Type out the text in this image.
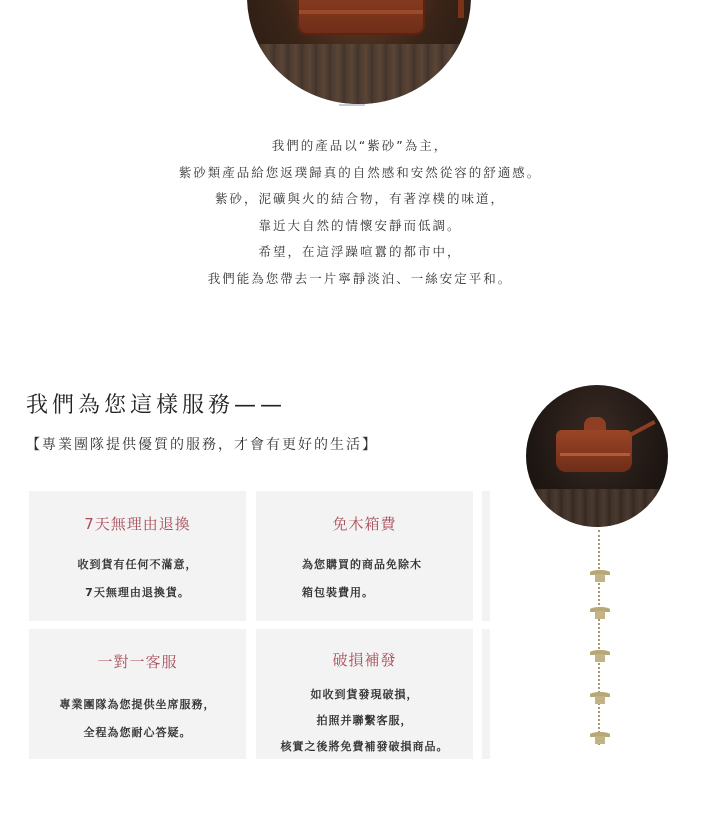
我們的產品以“紫砂”為主，
紫砂類產品給您返璞歸真的自然感和安然從容的舒適感。
紫砂，泥礦與火的結合物，有著淳樸的味道，
靠近大自然的情懷安靜而低調。
希望，在這浮躁喧囂的都市中，
我們能為您帶去一片寧靜淡泊、一絲安定平和。
我們為您這樣服務——
【專業團隊提供優質的服務，才會有更好的生活】
7天無理由退換
收到貨有任何不滿意，
7天無理由退換貨。
免木箱費
為您購買的商品免除木
箱包裝費用。
一對一客服
專業團隊為您提供坐席服務，
全程為您耐心答疑。
破損補發
如收到貨發現破損，
拍照并聯繫客服，
核實之後將免費補發破損商品。
